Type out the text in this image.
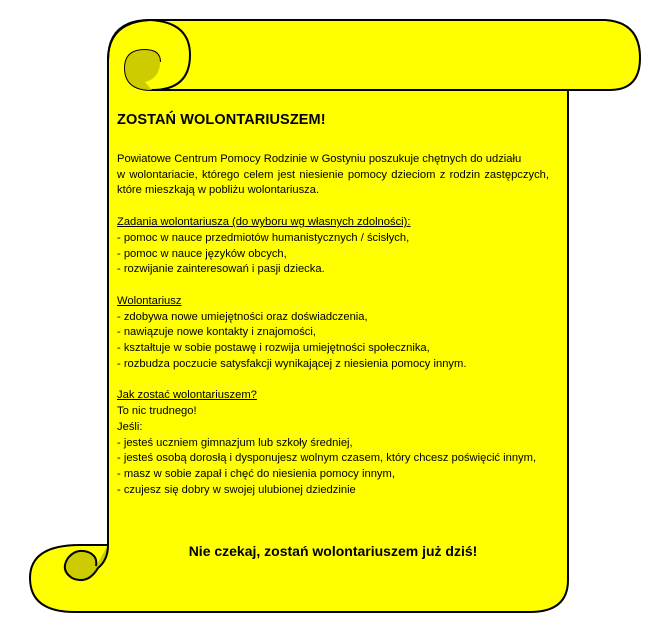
ZOSTAŃ WOLONTARIUSZEM!

Powiatowe Centrum Pomocy Rodzinie w Gostyniu poszukuje chętnych do udziału

w wolontariacie, którego celem jest niesienie pomocy dzieciom z rodzin zastępczych, które mieszkają w pobliżu wolontariusza.

Zadania wolontariusza (do wyboru wg własnych zdolności):

- pomoc w nauce przedmiotów humanistycznych / ścisłych,
- pomoc w nauce języków obcych,
- rozwijanie zainteresowań i pasji dziecka.

Wolontariusz

- zdobywa nowe umiejętności oraz doświadczenia,
- nawiązuje nowe kontakty i znajomości,
- kształtuje w sobie postawę i rozwija umiejętności społecznika,
- rozbudza poczucie satysfakcji wynikającej z niesienia pomocy innym.

Jak zostać wolontariuszem?

To nic trudnego!

Jeśli:

- jesteś uczniem gimnazjum lub szkoły średniej,
- jesteś osobą dorosłą i dysponujesz wolnym czasem, który chcesz poświęcić innym,
- masz w sobie zapał i chęć do niesienia pomocy innym,
- czujesz się dobry w swojej ulubionej dziedzinie

Nie czekaj, zostań wolontariuszem już dziś!
